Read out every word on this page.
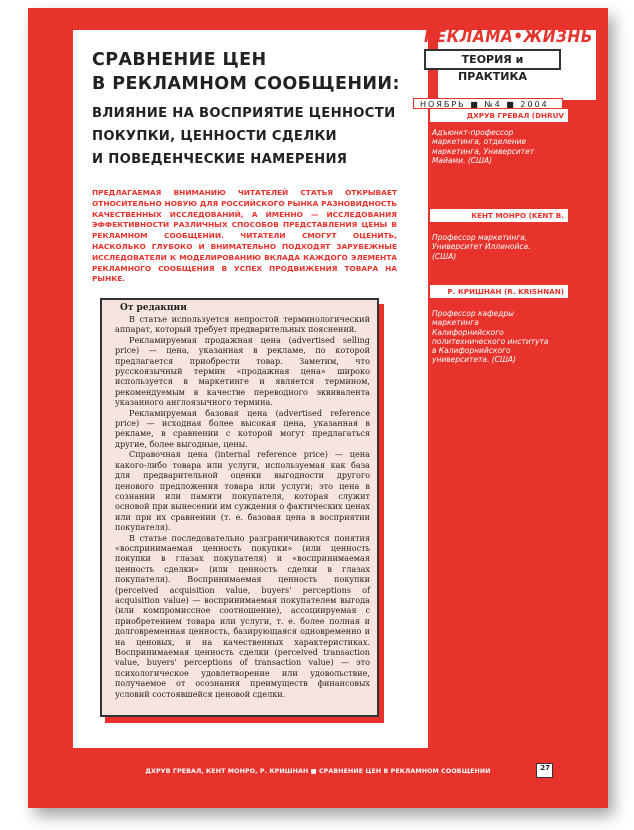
РЕКЛАМА•ЖИЗНЬ
ТЕОРИЯ и ПРАКТИКА
НОЯБРЬ ■ №4 ■ 2004
ДХРУВ ГРЕВАЛ (DHRUV GREWAL)
Адъюнкт-профессор маркетинга, отделение маркетинга, Университет Майами. (США)
КЕНТ МОНРО (KENT B. MONROE)
Профессор маркетинга, Университет Иллинойса. (США)
Р. КРИШНАН (R. KRISHNAN)
Профессор кафедры маркетинга Калифорнийского политехнического института в Калифорнийского университета. (США)
СРАВНЕНИЕ ЦЕН
В РЕКЛАМНОМ СООБЩЕНИИ:
ВЛИЯНИЕ НА ВОСПРИЯТИЕ ЦЕННОСТИ
ПОКУПКИ, ЦЕННОСТИ СДЕЛКИ
И ПОВЕДЕНЧЕСКИЕ НАМЕРЕНИЯ
ПРЕДЛАГАЕМАЯ ВНИМАНИЮ ЧИТАТЕЛЕЙ СТАТЬЯ ОТКРЫВАЕТ ОТНОСИТЕЛЬНО НОВУЮ ДЛЯ РОССИЙСКОГО РЫНКА РАЗНОВИДНОСТЬ КАЧЕСТВЕННЫХ ИССЛЕДОВАНИЙ, А ИМЕННО — ИССЛЕДОВАНИЯ ЭФФЕКТИВНОСТИ РАЗЛИЧНЫХ СПОСОБОВ ПРЕДСТАВЛЕНИЯ ЦЕНЫ В РЕКЛАМНОМ СООБЩЕНИИ. ЧИТАТЕЛИ СМОГУТ ОЦЕНИТЬ, НАСКОЛЬКО ГЛУБОКО И ВНИМАТЕЛЬНО ПОДХОДЯТ ЗАРУБЕЖНЫЕ ИССЛЕДОВАТЕЛИ К МОДЕЛИРОВАНИЮ ВКЛАДА КАЖДОГО ЭЛЕМЕНТА РЕКЛАМНОГО СООБЩЕНИЯ В УСПЕХ ПРОДВИЖЕНИЯ ТОВАРА НА РЫНКЕ.
От редакции

В статье используется непростой терминологический аппарат, который требует предварительных пояснений.

Рекламируемая продажная цена (advertised selling price) — цена, указанная в рекламе, по которой предлагается приобрести товар. Заметим, что русскоязычный термин «продажная цена» широко используется в маркетинге и является термином, рекомендуемым в качестве переводного эквивалента указанного англоязычного термина.

Рекламируемая базовая цена (advertised reference price) — исходная более высокая цена, указанная в рекламе, в сравнении с которой могут предлагаться другие, более выгодные, цены.

Справочная цена (internal reference price) — цена какого-либо товара или услуги, используемая как база для предварительной оценки выгодности другого ценового предложения товара или услуги; это цена в сознании или памяти покупателя, которая служит основой при вынесении им суждения о фактических ценах или при их сравнении (т. е. базовая цена в восприятии покупателя).

В статье последовательно разграничиваются понятия «воспринимаемая ценность покупки» (или ценность покупки в глазах покупателя) и «воспринимаемая ценность сделки» (или ценность сделки в глазах покупателя). Воспринимаемая ценность покупки (perceived acquisition value, buyers' perceptions of acquisition value) — воспринимаемая покупателем выгода (или компромиссное соотношение), ассоциируемая с приобретением товара или услуги, т. е. более полная и долговременная ценность, базирующаяся одновременно и на ценовых, и на качественных характеристиках. Воспринимаемая ценность сделки (perceived transaction value, buyers' perceptions of transaction value) — это психологическое удовлетворение или удовольствие, получаемое от осознания преимуществ финансовых условий состоявшейся ценовой сделки.

ДХРУВ ГРЕВАЛ, КЕНТ МОНРО, Р. КРИШНАН ■ СРАВНЕНИЕ ЦЕН В РЕКЛАМНОМ СООБЩЕНИИ	27
